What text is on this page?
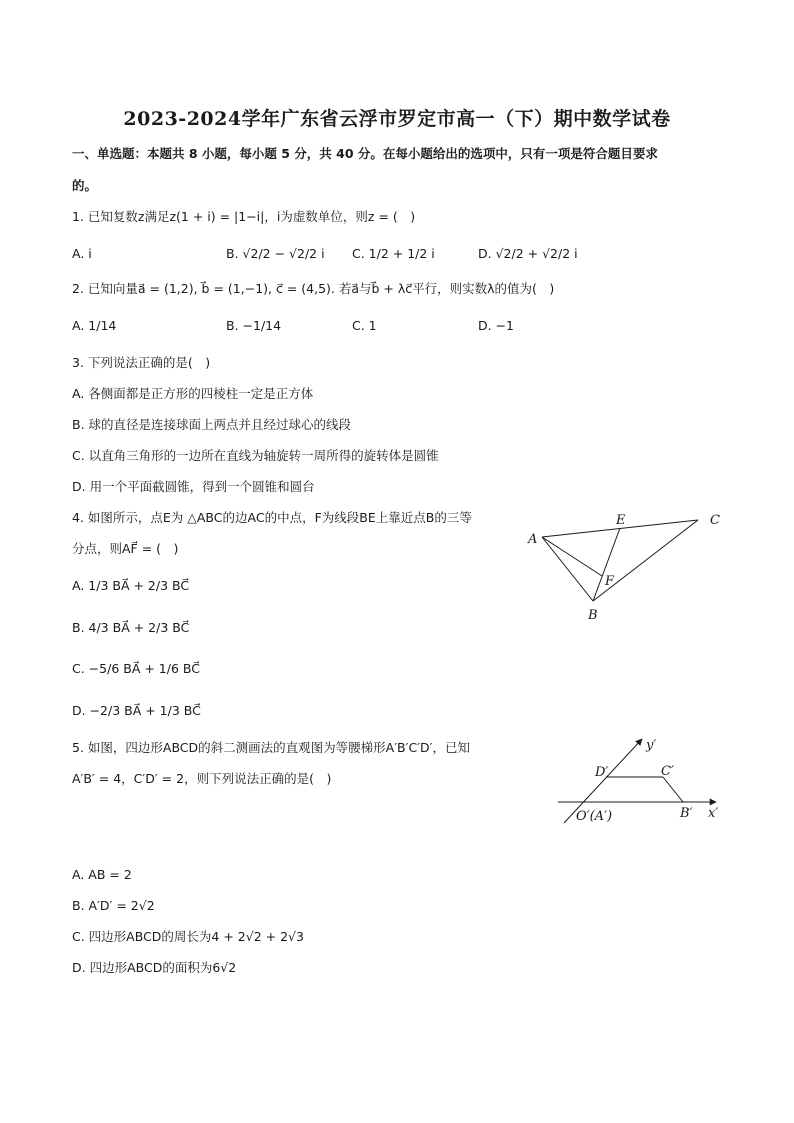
2023-2024学年广东省云浮市罗定市高一（下）期中数学试卷
一、单选题：本题共 8 小题，每小题 5 分，共 40 分。在每小题给出的选项中，只有一项是符合题目要求
的。
1. 已知复数z满足z(1 + i) = |1−i|，i为虚数单位，则z = (　)
A. i	B. √2/2 − √2/2 i C. 1/2 + 1/2 i	D. √2/2 + √2/2 i
2. 已知向量a⃗ = (1,2), b⃗ = (1,−1), c⃗ = (4,5). 若a⃗与b⃗ + λc⃗平行，则实数λ的值为(　)
A. 1/14	B. −1/14	C. 1	D. −1
3. 下列说法正确的是(　)
A. 各侧面都是正方形的四棱柱一定是正方体
B. 球的直径是连接球面上两点并且经过球心的线段
C. 以直角三角形的一边所在直线为轴旋转一周所得的旋转体是圆锥
D. 用一个平面截圆锥，得到一个圆锥和圆台
4. 如图所示，点E为 △ABC的边AC的中点，F为线段BE上靠近点B的三等
分点，则AF⃗ = (　)
A. 1/3 BA⃗ + 2/3 BC⃗
B. 4/3 BA⃗ + 2/3 BC⃗
C. −5/6 BA⃗ + 1/6 BC⃗
D. −2/3 BA⃗ + 1/3 BC⃗
A
E	C
F
B
5. 如图，四边形ABCD的斜二测画法的直观图为等腰梯形A′B′C′D′，已知
A′B′ = 4，C′D′ = 2，则下列说法正确的是(　)
A. AB = 2
B. A′D′ = 2√2
C. 四边形ABCD的周长为4 + 2√2 + 2√3
D. 四边形ABCD的面积为6√2
y′
x′
D′	C′
B′
O′(A′)
